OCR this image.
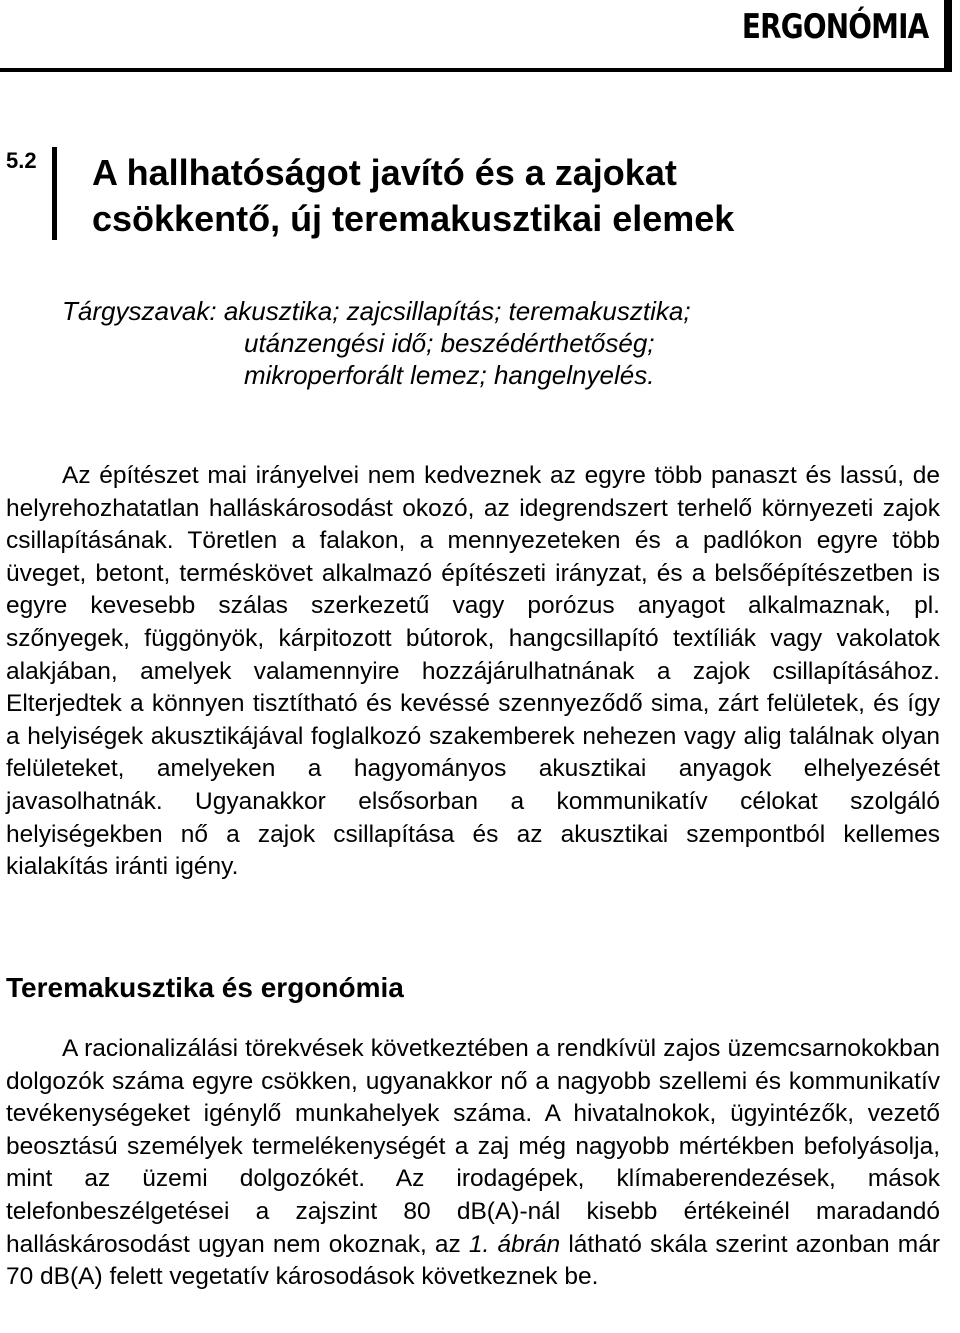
ERGONÓMIA
5.2 A hallhatóságot javító és a zajokat
csökkentő, új teremakusztikai elemek
Tárgyszavak: akusztika; zajcsillapítás; teremakusztika;
utánzengési idő; beszédérthetőség;
mikroperforált lemez; hangelnyelés.
Az építészet mai irányelvei nem kedveznek az egyre több panaszt és lassú, de helyrehozhatatlan halláskárosodást okozó, az idegrendszert terhelő környezeti zajok csillapításának. Töretlen a falakon, a mennyezeteken és a padlókon egyre több üveget, betont, terméskövet alkalmazó építészeti irányzat, és a belsőépítészetben is egyre kevesebb szálas szerkezetű vagy porózus anyagot alkalmaznak, pl. szőnyegek, függönyök, kárpitozott bútorok, hangcsillapító textíliák vagy vakolatok alakjában, amelyek valamennyire hozzájárulhatnának a zajok csillapításához. Elterjedtek a könnyen tisztítható és kevéssé szennyeződő sima, zárt felületek, és így a helyiségek akusztikájával foglalkozó szakemberek nehezen vagy alig találnak olyan felületeket, amelyeken a hagyományos akusztikai anyagok elhelyezését javasolhatnák. Ugyanakkor elsősorban a kommunikatív célokat szolgáló helyiségekben nő a zajok csillapítása és az akusztikai szempontból kellemes kialakítás iránti igény.
Teremakusztika és ergonómia
A racionalizálási törekvések következtében a rendkívül zajos üzemcsarnokokban dolgozók száma egyre csökken, ugyanakkor nő a nagyobb szellemi és kommunikatív tevékenységeket igénylő munkahelyek száma. A hivatalnokok, ügyintézők, vezető beosztású személyek termelékenységét a zaj még nagyobb mértékben befolyásolja, mint az üzemi dolgozókét. Az irodagépek, klímaberendezések, mások telefonbeszélgetései a zajszint 80 dB(A)-nál kisebb értékeinél maradandó halláskárosodást ugyan nem okoznak, az 1. ábrán látható skála szerint azonban már 70 dB(A) felett vegetatív károsodások következnek be.
